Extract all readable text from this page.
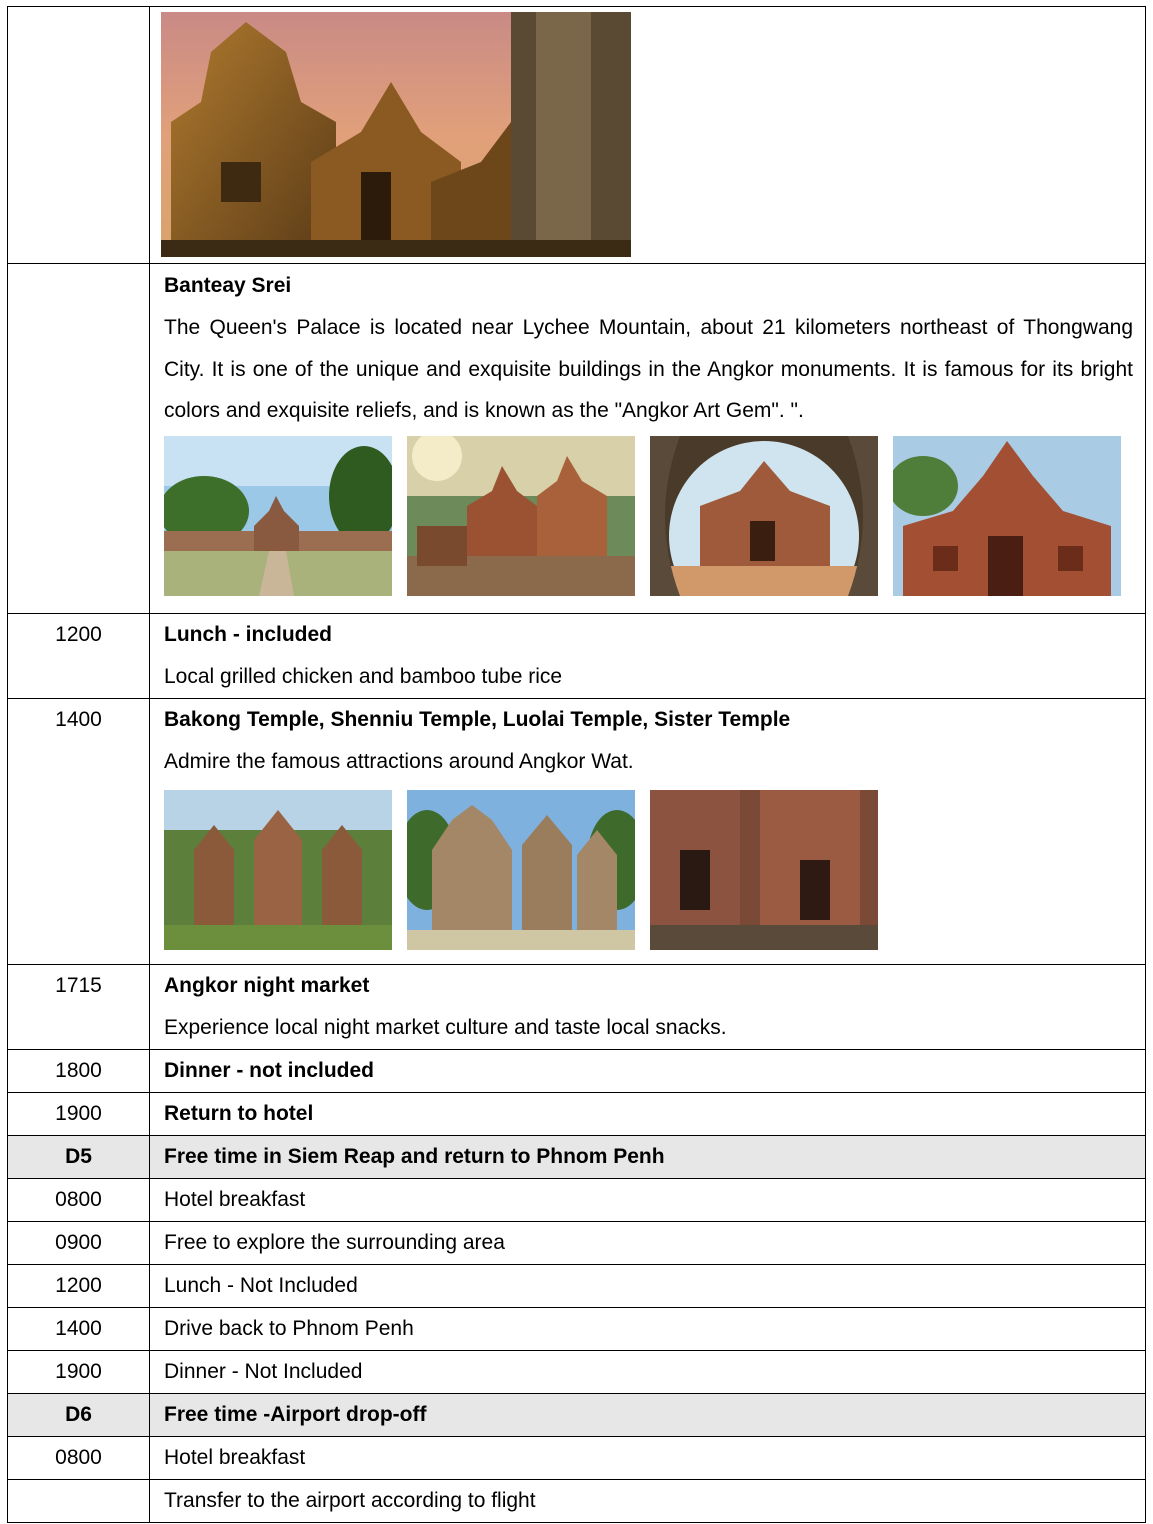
	Banteay Srei
The Queen's Palace is located near Lychee Mountain, about 21 kilometers northeast of Thongwang City. It is one of the unique and exquisite buildings in the Angkor monuments. It is famous for its bright colors and exquisite reliefs, and is known as the "Angkor Art Gem". ".

1200	Lunch - included
Local grilled chicken and bamboo tube rice

1400	Bakong Temple, Shenniu Temple, Luolai Temple, Sister Temple
Admire the famous attractions around Angkor Wat.

1715	Angkor night market
Experience local night market culture and taste local snacks.

1800	Dinner - not included
1900	Return to hotel
D5	Free time in Siem Reap and return to Phnom Penh
0800	Hotel breakfast
0900	Free to explore the surrounding area
1200	Lunch - Not Included
1400	Drive back to Phnom Penh
1900	Dinner - Not Included
D6	Free time -Airport drop-off
0800	Hotel breakfast
	Transfer to the airport according to flight
